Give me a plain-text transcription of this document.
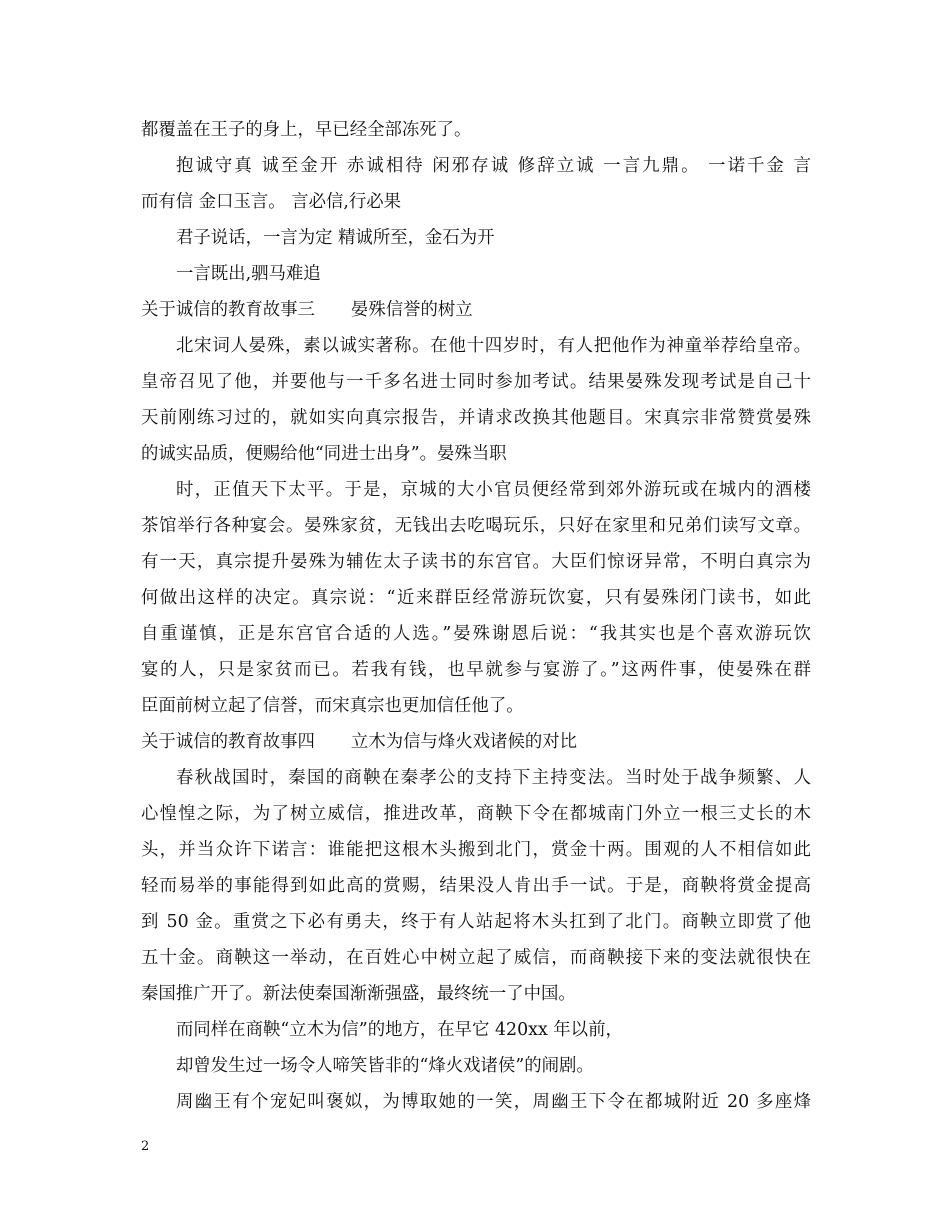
都覆盖在王子的身上，早已经全部冻死了。
抱诚守真 诚至金开 赤诚相待 闲邪存诚 修辞立诚 一言九鼎。 一诺千金 言
而有信 金口玉言。 言必信,行必果
君子说话，一言为定 精诚所至，金石为开
一言既出,驷马难追
关于诚信的教育故事三 晏殊信誉的树立
北宋词人晏殊，素以诚实著称。在他十四岁时，有人把他作为神童举荐给皇帝。
皇帝召见了他，并要他与一千多名进士同时参加考试。结果晏殊发现考试是自己十
天前刚练习过的，就如实向真宗报告，并请求改换其他题目。宋真宗非常赞赏晏殊
的诚实品质，便赐给他“同进士出身”。晏殊当职
时，正值天下太平。于是，京城的大小官员便经常到郊外游玩或在城内的酒楼
茶馆举行各种宴会。晏殊家贫，无钱出去吃喝玩乐，只好在家里和兄弟们读写文章。
有一天，真宗提升晏殊为辅佐太子读书的东宫官。大臣们惊讶异常，不明白真宗为
何做出这样的决定。真宗说：“近来群臣经常游玩饮宴，只有晏殊闭门读书，如此
自重谨慎，正是东宫官合适的人选。”晏殊谢恩后说：“我其实也是个喜欢游玩饮
宴的人，只是家贫而已。若我有钱，也早就参与宴游了。”这两件事，使晏殊在群
臣面前树立起了信誉，而宋真宗也更加信任他了。
关于诚信的教育故事四 立木为信与烽火戏诸候的对比
春秋战国时，秦国的商鞅在秦孝公的支持下主持变法。当时处于战争频繁、人
心惶惶之际，为了树立威信，推进改革，商鞅下令在都城南门外立一根三丈长的木
头，并当众许下诺言：谁能把这根木头搬到北门，赏金十两。围观的人不相信如此
轻而易举的事能得到如此高的赏赐，结果没人肯出手一试。于是，商鞅将赏金提高
到 50 金。重赏之下必有勇夫，终于有人站起将木头扛到了北门。商鞅立即赏了他
五十金。商鞅这一举动，在百姓心中树立起了威信，而商鞅接下来的变法就很快在
秦国推广开了。新法使秦国渐渐强盛，最终统一了中国。
而同样在商鞅“立木为信”的地方，在早它 420xx 年以前，
却曾发生过一场令人啼笑皆非的“烽火戏诸侯”的闹剧。
周幽王有个宠妃叫褒姒，为博取她的一笑，周幽王下令在都城附近 20 多座烽
2
